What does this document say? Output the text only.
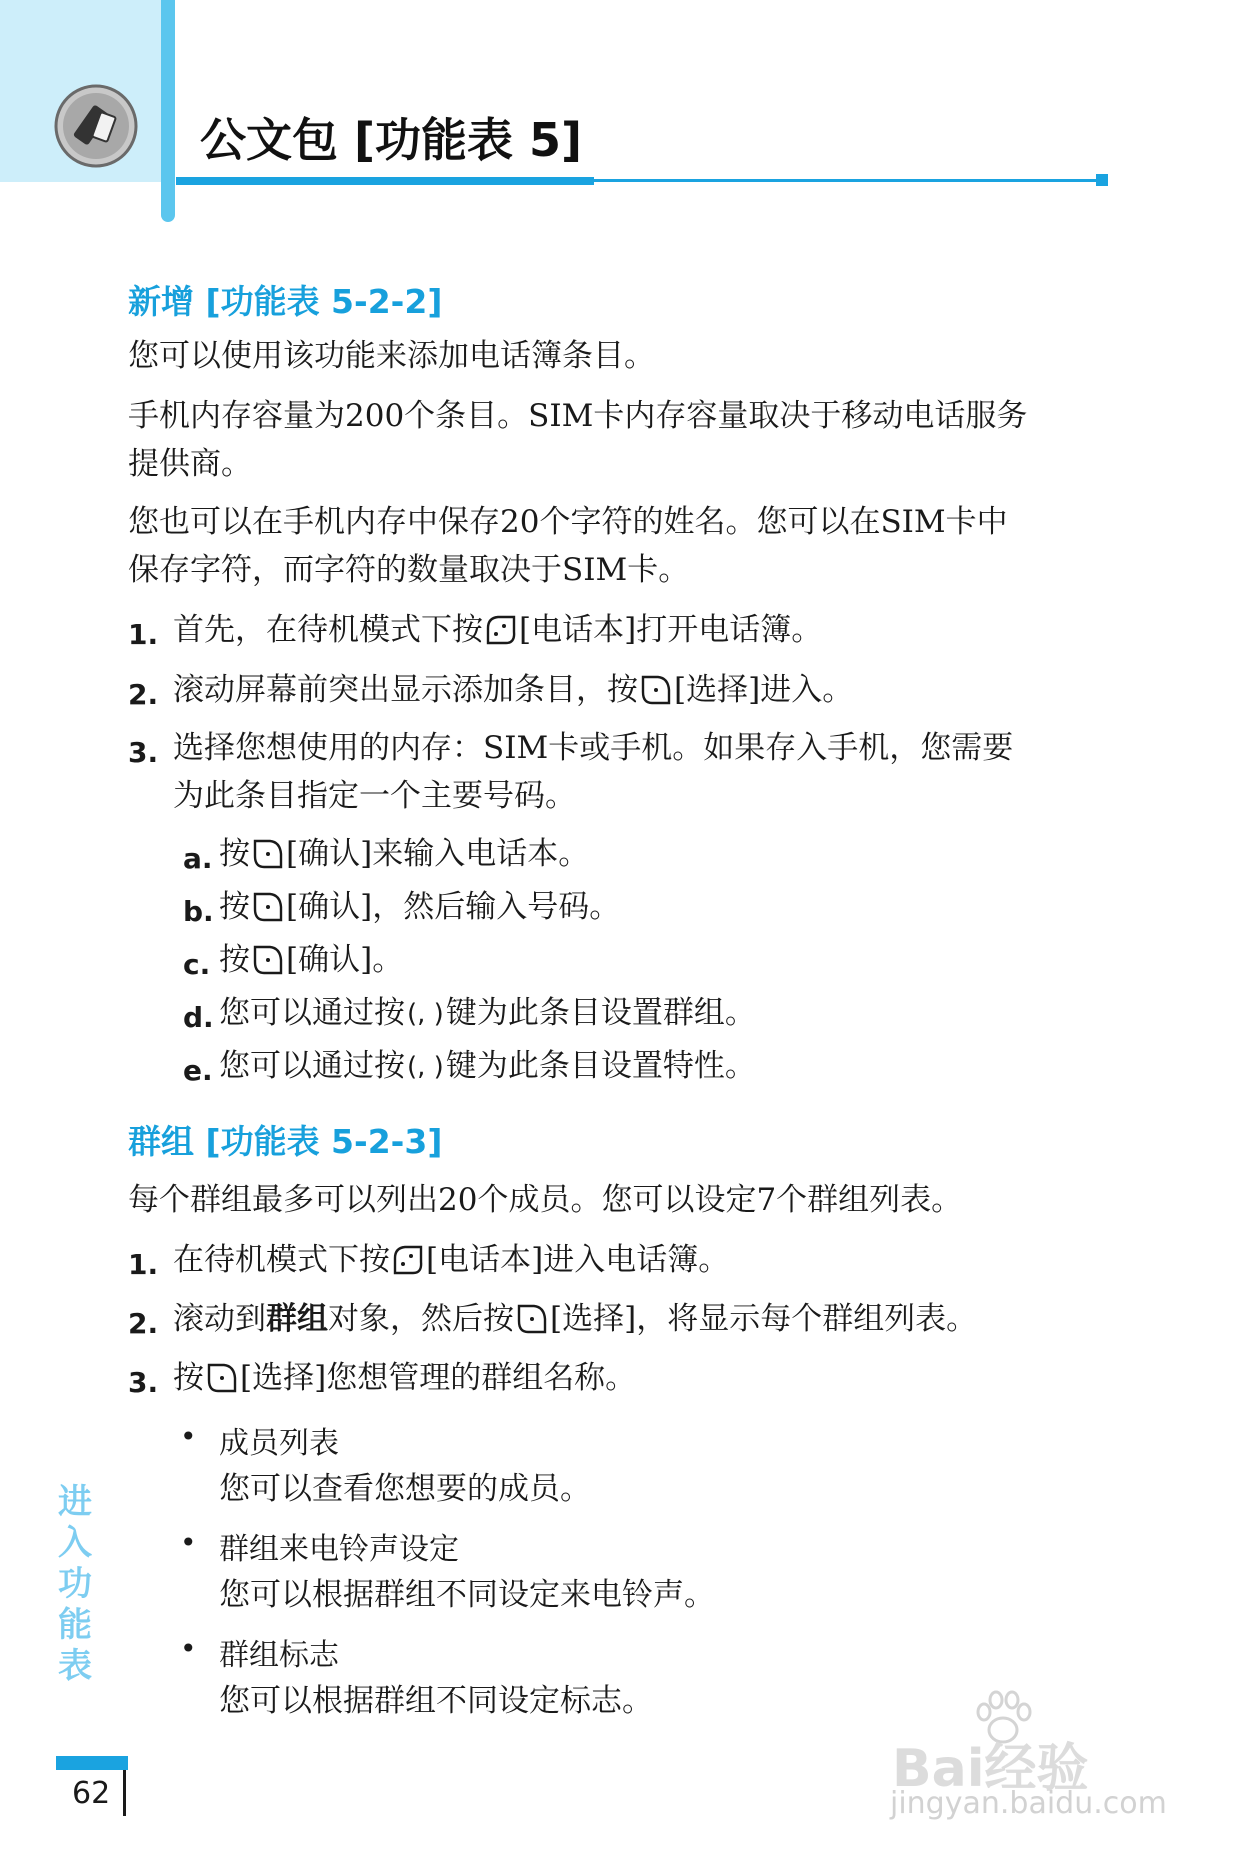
公文包 [功能表 5]
新增 [功能表 5-2-2]
您可以使用该功能来添加电话簿条目。
手机内存容量为200个条目。SIM卡内存容量取决于移动电话服务
提供商。
您也可以在手机内存中保存20个字符的姓名。您可以在SIM卡中
保存字符，而字符的数量取决于SIM卡。
1. 首先，在待机模式下按 [电话本]打开电话簿。
2. 滚动屏幕前突出显示添加条目，按 [选择]进入。
3. 选择您想使用的内存：SIM卡或手机。如果存入手机，您需要
为此条目指定一个主要号码。
a. 按 [确认]来输入电话本。
b. 按 [确认]，然后输入号码。
c. 按 [确认]。
d. 您可以通过按(, )键为此条目设置群组。
e. 您可以通过按(, )键为此条目设置特性。
群组 [功能表 5-2-3]
每个群组最多可以列出20个成员。您可以设定7个群组列表。
1. 在待机模式下按 [电话本]进入电话簿。
2. 滚动到群组对象，然后按 [选择]，将显示每个群组列表。
3. 按 [选择]您想管理的群组名称。
• 成员列表
您可以查看您想要的成员。
• 群组来电铃声设定
您可以根据群组不同设定来电铃声。
• 群组标志
您可以根据群组不同设定标志。
进入功能表
62	Bai经验
jingyan.baidu.com
